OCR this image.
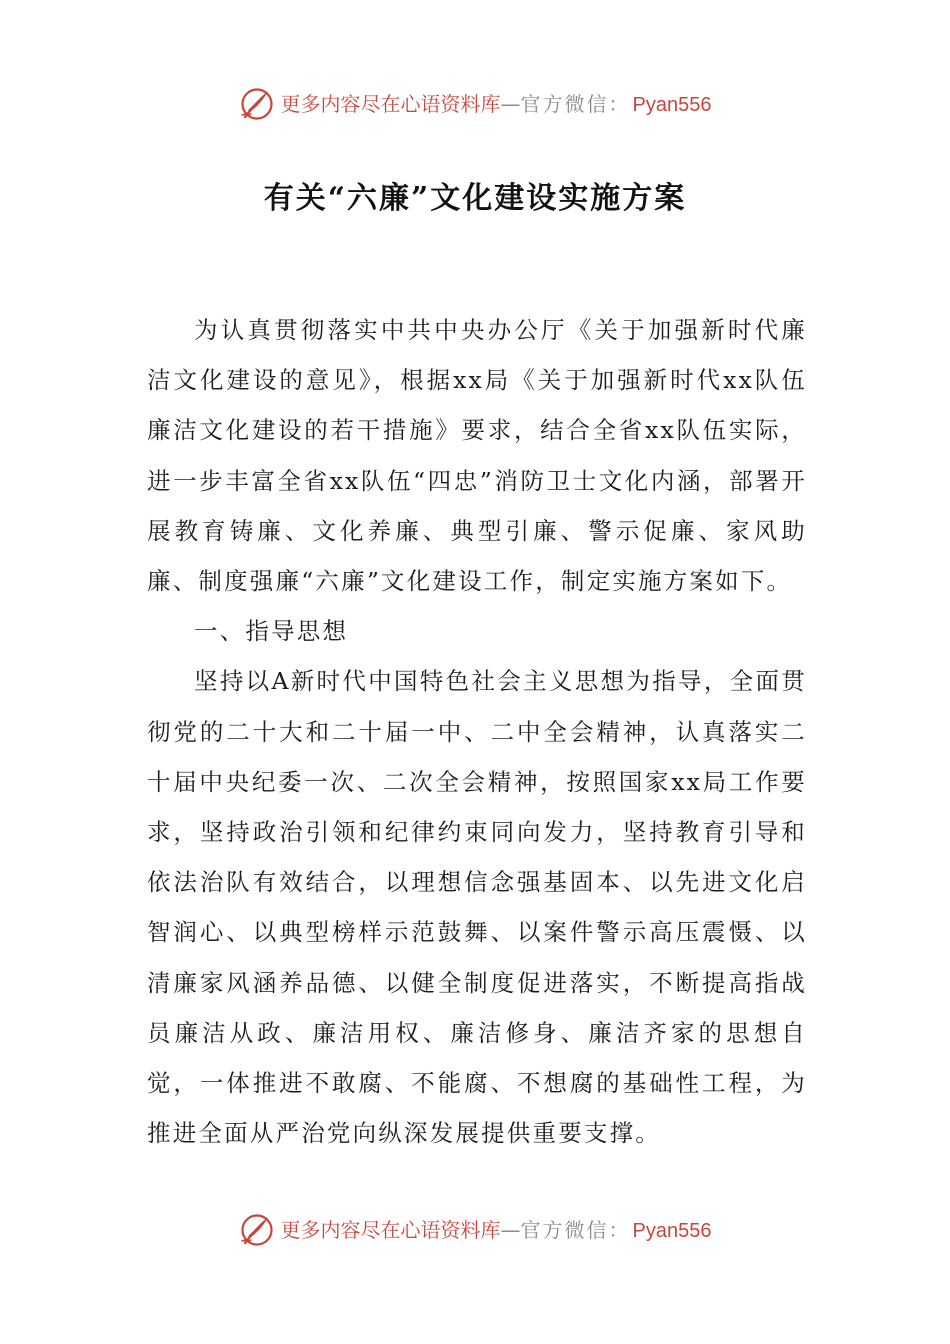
更多内容尽在心语资料库 — 官方微信： Pyan556
有关“六廉”文化建设实施方案

为认真贯彻落实中共中央办公厅《关于加强新时代廉洁文化建设的意见》，根据xx局《关于加强新时代xx队伍廉洁文化建设的若干措施》要求，结合全省xx队伍实际，进一步丰富全省xx队伍“四忠”消防卫士文化内涵，部署开展教育铸廉、文化养廉、典型引廉、警示促廉、家风助廉、制度强廉“六廉”文化建设工作，制定实施方案如下。

一、指导思想

坚持以A新时代中国特色社会主义思想为指导，全面贯彻党的二十大和二十届一中、二中全会精神，认真落实二十届中央纪委一次、二次全会精神，按照国家xx局工作要求，坚持政治引领和纪律约束同向发力，坚持教育引导和依法治队有效结合，以理想信念强基固本、以先进文化启智润心、以典型榜样示范鼓舞、以案件警示高压震慑、以清廉家风涵养品德、以健全制度促进落实，不断提高指战员廉洁从政、廉洁用权、廉洁修身、廉洁齐家的思想自觉，一体推进不敢腐、不能腐、不想腐的基础性工程，为推进全面从严治党向纵深发展提供重要支撑。

更多内容尽在心语资料库 — 官方微信： Pyan556
